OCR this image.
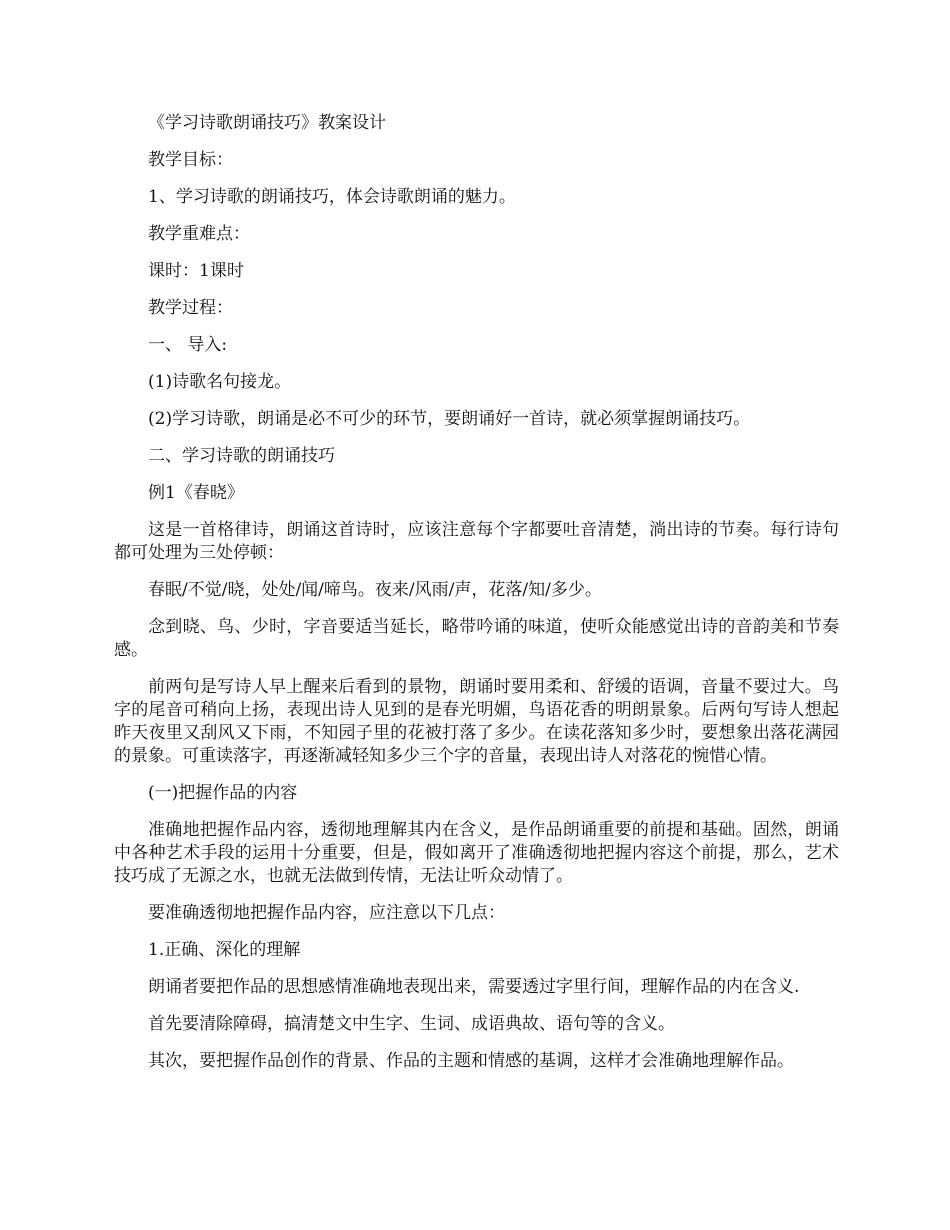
《学习诗歌朗诵技巧》教案设计

教学目标：

1、学习诗歌的朗诵技巧，体会诗歌朗诵的魅力。

教学重难点：

课时：1课时

教学过程：

一、 导入:

(1)诗歌名句接龙。

(2)学习诗歌，朗诵是必不可少的环节，要朗诵好一首诗，就必须掌握朗诵技巧。

二、学习诗歌的朗诵技巧

例1《春晓》

这是一首格律诗，朗诵这首诗时，应该注意每个字都要吐音清楚，淌出诗的节奏。每行诗句都可处理为三处停顿：

春眠/不觉/晓，处处/闻/啼鸟。夜来/风雨/声，花落/知/多少。

念到晓、鸟、少时，字音要适当延长，略带吟诵的味道，使听众能感觉出诗的音韵美和节奏感。

前两句是写诗人早上醒来后看到的景物，朗诵时要用柔和、舒缓的语调，音量不要过大。鸟字的尾音可稍向上扬，表现出诗人见到的是春光明媚，鸟语花香的明朗景象。后两句写诗人想起昨天夜里又刮风又下雨，不知园子里的花被打落了多少。在读花落知多少时，要想象出落花满园的景象。可重读落字，再逐渐减轻知多少三个字的音量，表现出诗人对落花的惋惜心情。

(一)把握作品的内容

准确地把握作品内容，透彻地理解其内在含义，是作品朗诵重要的前提和基础。固然，朗诵中各种艺术手段的运用十分重要，但是，假如离开了准确透彻地把握内容这个前提，那么，艺术技巧成了无源之水，也就无法做到传情，无法让听众动情了。

要准确透彻地把握作品内容，应注意以下几点：

1.正确、深化的理解

朗诵者要把作品的思想感情准确地表现出来，需要透过字里行间，理解作品的内在含义.

首先要清除障碍，搞清楚文中生字、生词、成语典故、语句等的含义。

其次，要把握作品创作的背景、作品的主题和情感的基调，这样才会准确地理解作品。
